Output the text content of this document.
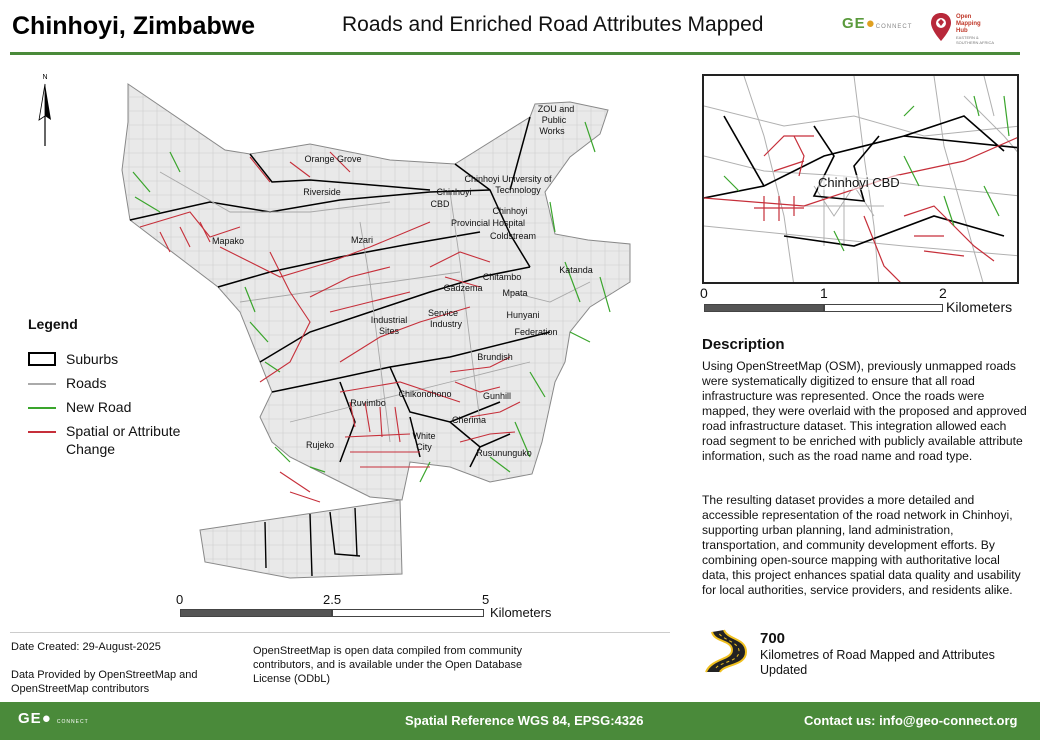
Chinhoyi, Zimbabwe	Roads and Enriched Road Attributes Mapped	GE●CONNECT
Open
Mapping
Hub
EASTERN &
SOUTHERN AFRICA
Orange Grove
Riverside
Mapako	Mzari
Chinhoyi
CBD
Chinhoyi University of
Technology
ZOU and
Public
Works
Chinhoyi
Provincial Hospital
Coldstream
Katanda
Chitambo
Gadzema Mpata
Industrial
Sites
Service
Industry
Hunyani
Federation
Brundish
Chikonohono	Gunhill
Ruvimbo
Rujeko
White
City
Cherima
Rusununguko
N
Legend
Suburbs
Roads
New Road
Spatial or Attribute Change
0	2.5	5
Kilometers
Chinhoyi CBD
0	1	2
Kilometers
Description
Using OpenStreetMap (OSM), previously unmapped roads were systematically digitized to ensure that all road infrastructure was represented. Once the roads were mapped, they were overlaid with the proposed and approved road infrastructure dataset. This integration allowed each road segment to be enriched with publicly available attribute information, such as the road name and road type.
The resulting dataset provides a more detailed and accessible representation of the road network in Chinhoyi, supporting urban planning, land administration, transportation, and community development efforts. By combining open-source mapping with authoritative local data, this project enhances spatial data quality and usability for local authorities, service providers, and residents alike.
700
Kilometres of Road Mapped and Attributes Updated
Date Created: 29-August-2025
Data Provided by OpenStreetMap and OpenStreetMap contributors
OpenStreetMap is open data compiled from community contributors, and is available under the Open Database License (ODbL)
GE● CONNECT	Spatial Reference WGS 84, EPSG:4326	Contact us: info@geo-connect.org
